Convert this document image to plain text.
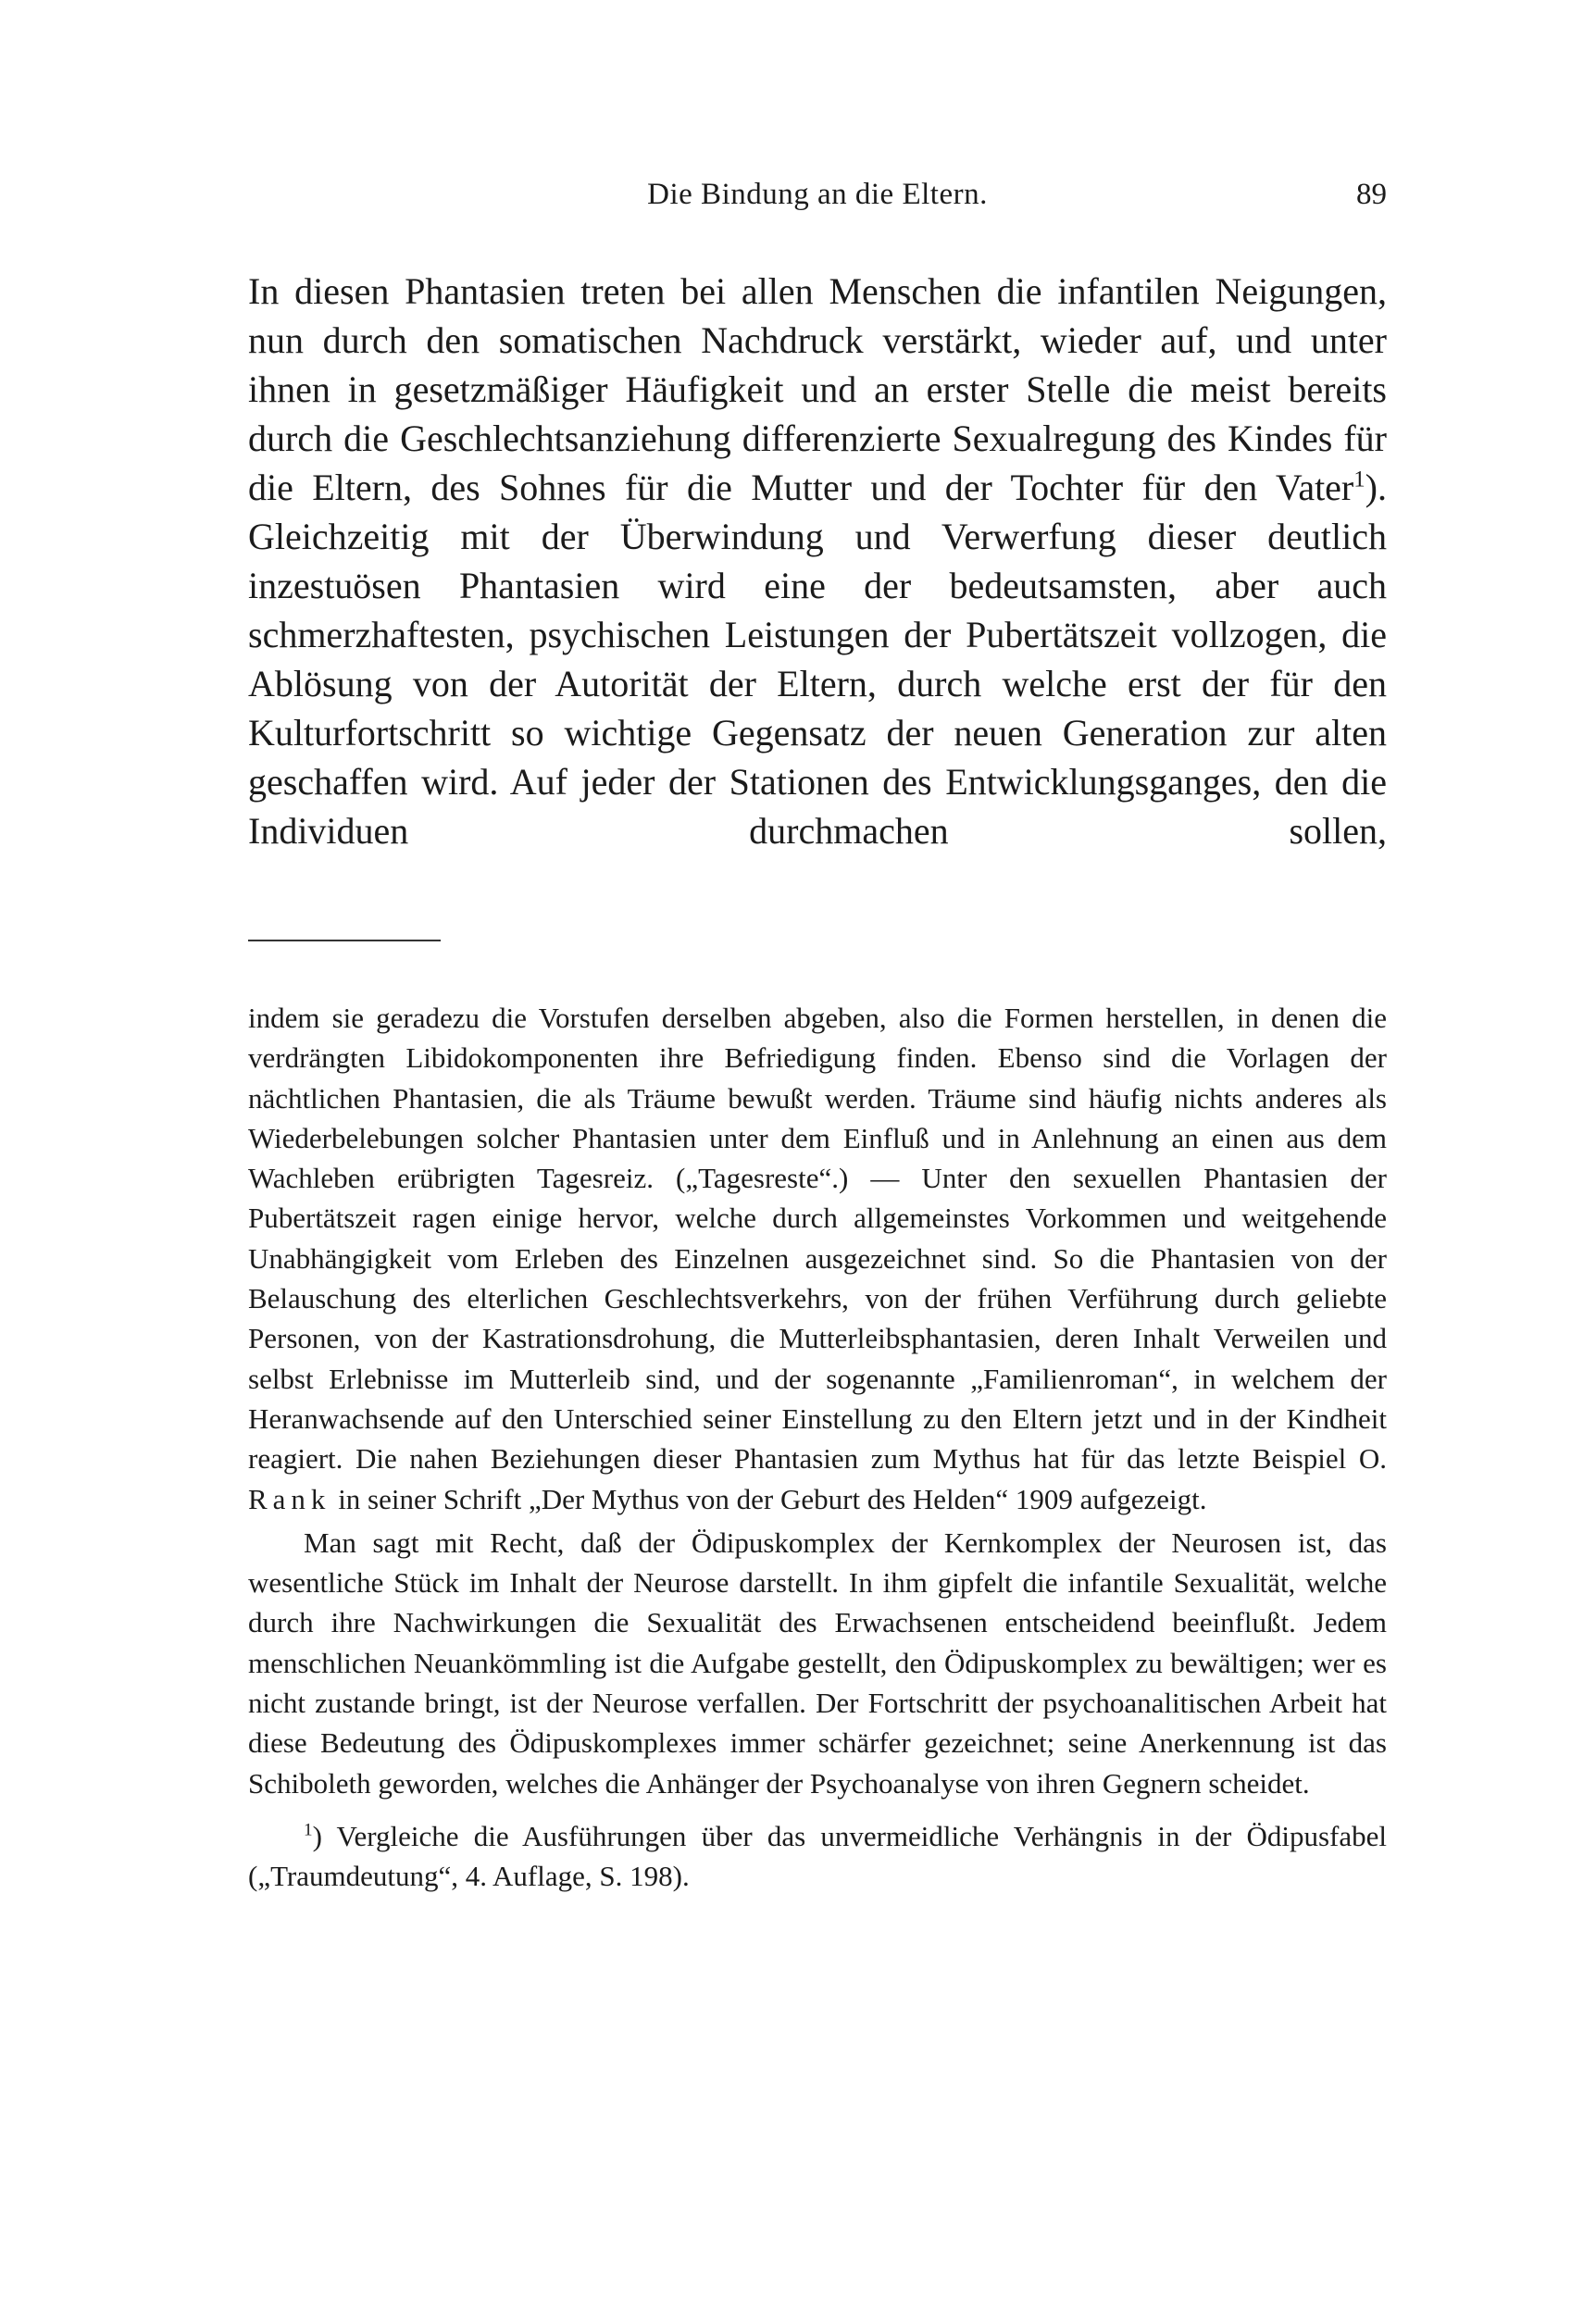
Die Bindung an die Eltern.	89

In diesen Phantasien treten bei allen Menschen die infantilen Neigungen, nun durch den somatischen Nachdruck verstärkt, wieder auf, und unter ihnen in gesetzmäßiger Häufigkeit und an erster Stelle die meist bereits durch die Geschlechtsanziehung differenzierte Sexualregung des Kindes für die Eltern, des Sohnes für die Mutter und der Tochter für den Vater$^1$). Gleichzeitig mit der Überwindung und Verwerfung dieser deutlich inzestuösen Phantasien wird eine der bedeutsamsten, aber auch schmerzhaftesten, psychischen Leistungen der Pubertätszeit vollzogen, die Ablösung von der Autorität der Eltern, durch welche erst der für den Kulturfortschritt so wichtige Gegensatz der neuen Generation zur alten geschaffen wird. Auf jeder der Stationen des Entwicklungsganges, den die Individuen durchmachen sollen,

indem sie geradezu die Vorstufen derselben abgeben, also die Formen herstellen, in denen die verdrängten Libidokomponenten ihre Befriedigung finden. Ebenso sind die Vorlagen der nächtlichen Phantasien, die als Träume bewußt werden. Träume sind häufig nichts anderes als Wiederbelebungen solcher Phantasien unter dem Einfluß und in Anlehnung an einen aus dem Wachleben erübrigten Tagesreiz. („Tagesreste“.) — Unter den sexuellen Phantasien der Pubertätszeit ragen einige hervor, welche durch allgemeinstes Vorkommen und weitgehende Unabhängigkeit vom Erleben des Einzelnen ausgezeichnet sind. So die Phantasien von der Belauschung des elterlichen Geschlechtsverkehrs, von der frühen Verführung durch geliebte Personen, von der Kastrationsdrohung, die Mutterleibsphantasien, deren Inhalt Verweilen und selbst Erlebnisse im Mutterleib sind, und der sogenannte „Familienroman“, in welchem der Heranwachsende auf den Unterschied seiner Einstellung zu den Eltern jetzt und in der Kindheit reagiert. Die nahen Beziehungen dieser Phantasien zum Mythus hat für das letzte Beispiel O. Rank in seiner Schrift „Der Mythus von der Geburt des Helden“ 1909 aufgezeigt.

Man sagt mit Recht, daß der Ödipuskomplex der Kernkomplex der Neurosen ist, das wesentliche Stück im Inhalt der Neurose darstellt. In ihm gipfelt die infantile Sexualität, welche durch ihre Nachwirkungen die Sexualität des Erwachsenen entscheidend beeinflußt. Jedem menschlichen Neuankömmling ist die Aufgabe gestellt, den Ödipuskomplex zu bewältigen; wer es nicht zustande bringt, ist der Neurose verfallen. Der Fortschritt der psychoanalitischen Arbeit hat diese Bedeutung des Ödipuskomplexes immer schärfer gezeichnet; seine Anerkennung ist das Schiboleth geworden, welches die Anhänger der Psychoanalyse von ihren Gegnern scheidet.

$^1$) Vergleiche die Ausführungen über das unvermeidliche Verhängnis in der Ödipusfabel („Traumdeutung“, 4. Auflage, S. 198).
